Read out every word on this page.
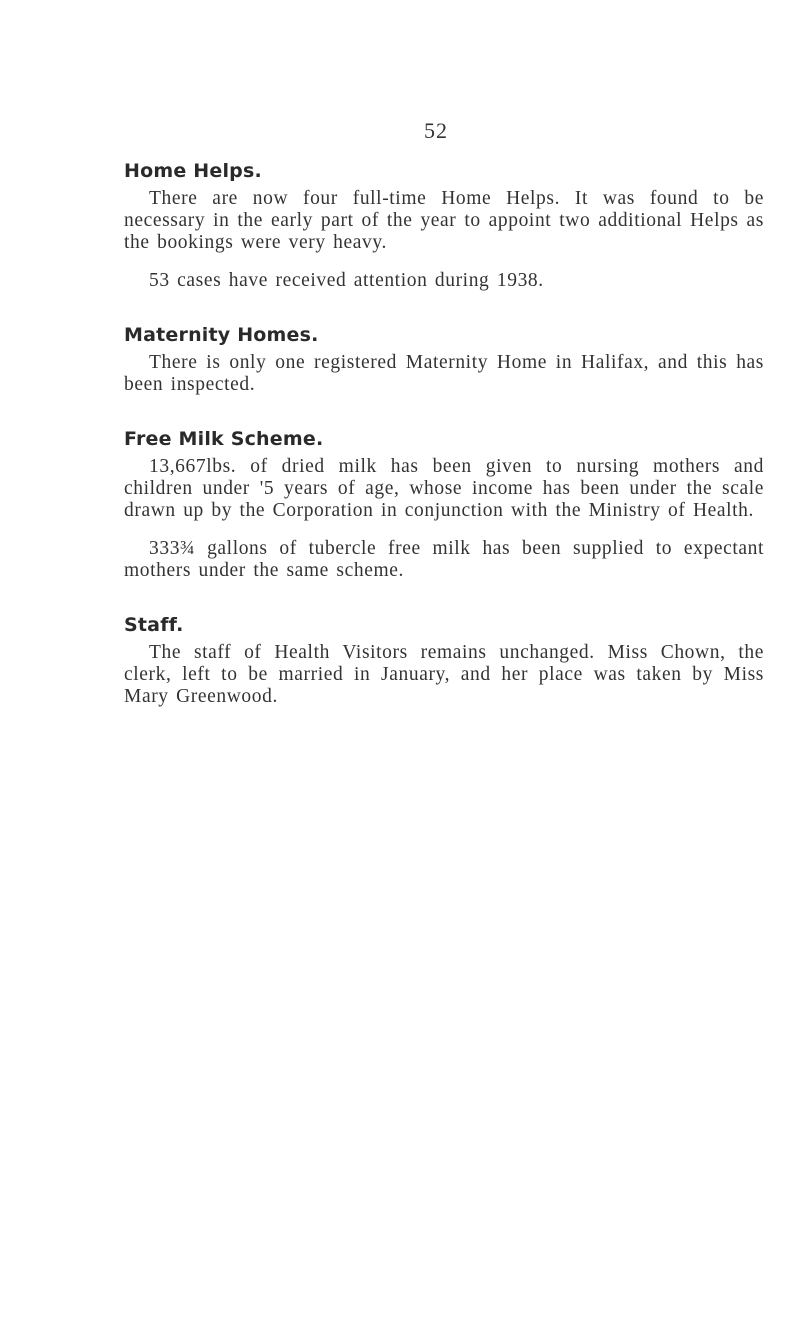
52
Home Helps.

There are now four full-time Home Helps. It was found to be necessary in the early part of the year to appoint two additional Helps as the bookings were very heavy.

53 cases have received attention during 1938.

Maternity Homes.

There is only one registered Maternity Home in Halifax, and this has been inspected.

Free Milk Scheme.

13,667lbs. of dried milk has been given to nursing mothers and children under '5 years of age, whose income has been under the scale drawn up by the Corporation in conjunction with the Ministry of Health.

333¾ gallons of tubercle free milk has been supplied to expectant mothers under the same scheme.

Staff.

The staff of Health Visitors remains unchanged. Miss Chown, the clerk, left to be married in January, and her place was taken by Miss Mary Greenwood.
